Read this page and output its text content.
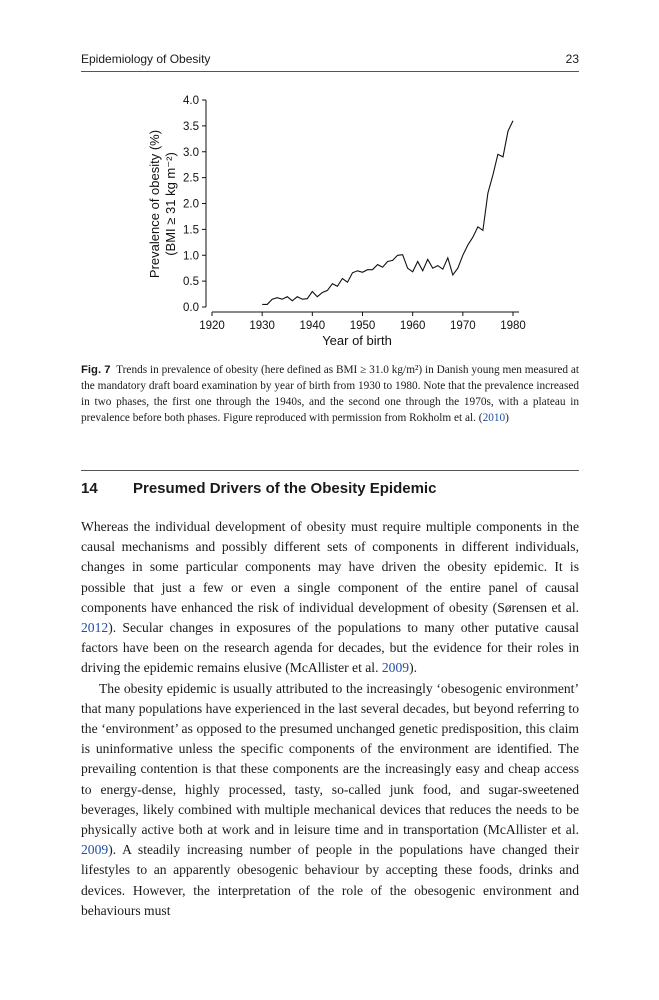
Epidemiology of Obesity	23
0.0
0.5
1.0
1.5
2.0
2.5
3.0
3.5
4.0
1920 1930 1940 1950 1960 1970 1980
Prevalence of obesity (%) (BMI ≥ 31 kg m⁻²)
Year of birth
Fig. 7 Trends in prevalence of obesity (here defined as BMI ≥ 31.0 kg/m²) in Danish young men measured at the mandatory draft board examination by year of birth from 1930 to 1980. Note that the prevalence increased in two phases, the first one through the 1940s, and the second one through the 1970s, with a plateau in prevalence before both phases. Figure reproduced with permission from Rokholm et al. (2010)
14 Presumed Drivers of the Obesity Epidemic

Whereas the individual development of obesity must require multiple components in the causal mechanisms and possibly different sets of components in different individuals, changes in some particular components may have driven the obesity epidemic. It is possible that just a few or even a single component of the entire panel of causal components have enhanced the risk of individual development of obesity (Sørensen et al. 2012). Secular changes in exposures of the populations to many other putative causal factors have been on the research agenda for decades, but the evidence for their roles in driving the epidemic remains elusive (McAllister et al. 2009).

The obesity epidemic is usually attributed to the increasingly ‘obesogenic environment’ that many populations have experienced in the last several decades, but beyond referring to the ‘environment’ as opposed to the presumed unchanged genetic predisposition, this claim is uninformative unless the specific components of the environment are identified. The prevailing contention is that these components are the increasingly easy and cheap access to energy-dense, highly processed, tasty, so-called junk food, and sugar-sweetened beverages, likely combined with multiple mechanical devices that reduces the needs to be physically active both at work and in leisure time and in transportation (McAllister et al. 2009). A steadily increasing number of people in the populations have changed their lifestyles to an apparently obesogenic behaviour by accepting these foods, drinks and devices. However, the interpretation of the role of the obesogenic environment and behaviours must
